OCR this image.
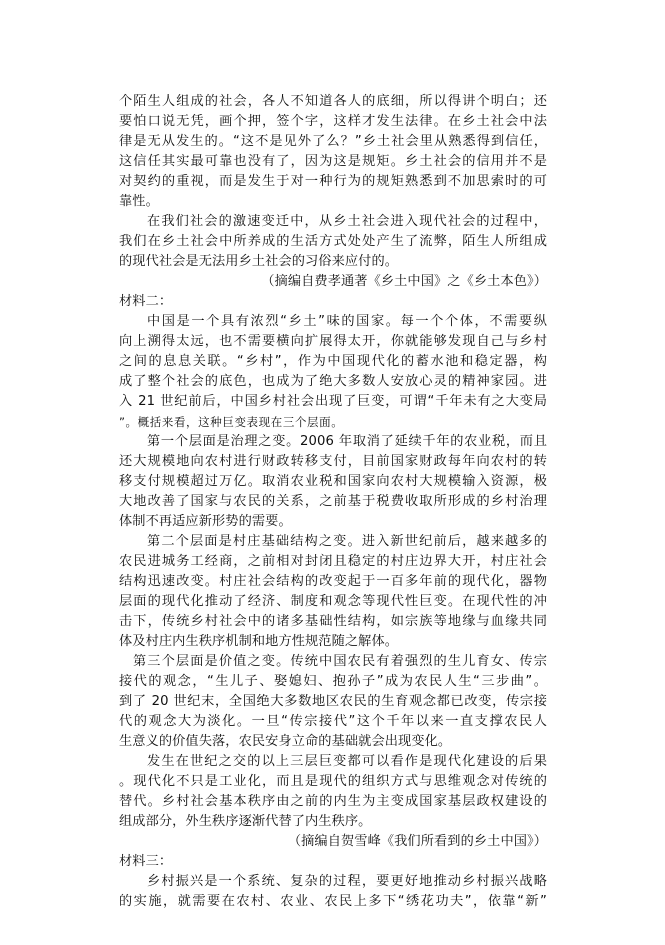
个陌生人组成的社会，各人不知道各人的底细，所以得讲个明白；还
要怕口说无凭，画个押，签个字，这样才发生法律。在乡土社会中法
律是无从发生的。“这不是见外了么？”乡土社会里从熟悉得到信任，
这信任其实最可靠也没有了，因为这是规矩。乡土社会的信用并不是
对契约的重视，而是发生于对一种行为的规矩熟悉到不加思索时的可
靠性。
在我们社会的激速变迁中，从乡土社会进入现代社会的过程中，
我们在乡土社会中所养成的生活方式处处产生了流弊，陌生人所组成
的现代社会是无法用乡土社会的习俗来应付的。
（摘编自费孝通著《乡土中国》之《乡土本色》）
材料二：
中国是一个具有浓烈“乡土”味的国家。每一个个体，不需要纵
向上溯得太远，也不需要横向扩展得太开，你就能够发现自己与乡村
之间的息息关联。“乡村”，作为中国现代化的蓄水池和稳定器，构
成了整个社会的底色，也成为了绝大多数人安放心灵的精神家园。进
入 21 世纪前后，中国乡村社会出现了巨变，可谓“千年未有之大变局
”。概括来看，这种巨变表现在三个层面。
第一个层面是治理之变。2006 年取消了延续千年的农业税，而且
还大规模地向农村进行财政转移支付，目前国家财政每年向农村的转
移支付规模超过万亿。取消农业税和国家向农村大规模输入资源，极
大地改善了国家与农民的关系，之前基于税费收取所形成的乡村治理
体制不再适应新形势的需要。
第二个层面是村庄基础结构之变。进入新世纪前后，越来越多的
农民进城务工经商，之前相对封闭且稳定的村庄边界大开，村庄社会
结构迅速改变。村庄社会结构的改变起于一百多年前的现代化，器物
层面的现代化推动了经济、制度和观念等现代性巨变。在现代性的冲
击下，传统乡村社会中的诸多基础性结构，如宗族等地缘与血缘共同
体及村庄内生秩序机制和地方性规范随之解体。
第三个层面是价值之变。传统中国农民有着强烈的生儿育女、传宗
接代的观念，“生儿子、娶媳妇、抱孙子”成为农民人生“三步曲”。
到了 20 世纪末，全国绝大多数地区农民的生育观念都已改变，传宗接
代的观念大为淡化。一旦“传宗接代”这个千年以来一直支撑农民人
生意义的价值失落，农民安身立命的基础就会出现变化。
发生在世纪之交的以上三层巨变都可以看作是现代化建设的后果
。现代化不只是工业化，而且是现代的组织方式与思维观念对传统的
替代。乡村社会基本秩序由之前的内生为主变成国家基层政权建设的
组成部分，外生秩序逐渐代替了内生秩序。
（摘编自贺雪峰《我们所看到的乡土中国》）
材料三：
乡村振兴是一个系统、复杂的过程，要更好地推动乡村振兴战略
的实施，就需要在农村、农业、农民上多下“绣花功夫”，依靠“新”
